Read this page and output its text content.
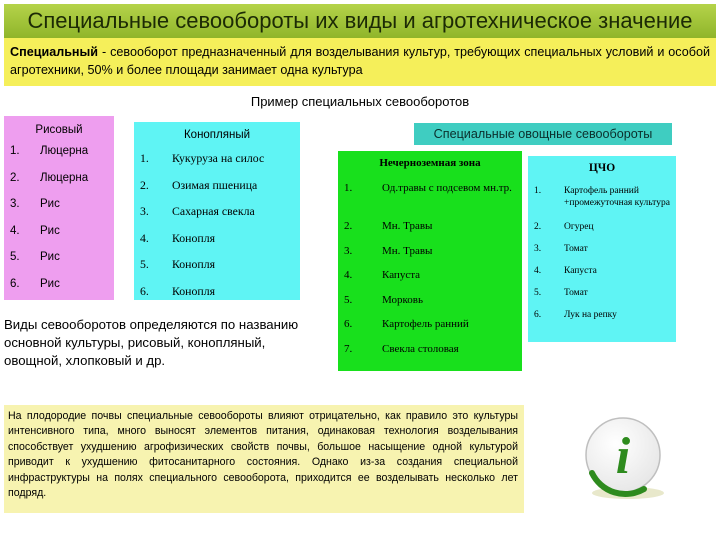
Специальные севообороты их виды и агротехническое значение
Специальный - севооборот предназначенный для возделывания культур, требующих специальных условий и особой агротехники, 50% и более площади занимает одна культура
Пример специальных севооборотов
Рисовый
1.	Люцерна
2.	Люцерна
3.	Рис
4.	Рис
5.	Рис
6.	Рис
Конопляный
1.	Кукуруза на силос
2.	Озимая пшеница
3.	Сахарная свекла
4.	Конопля
5.	Конопля
6.	Конопля
Специальные овощные севообороты
Нечерноземная зона
1.	Од.травы с подсевом мн.тр.
2.	Мн. Травы
3.	Мн. Травы
4.	Капуста
5.	Морковь
6.	Картофель ранний
7.	Свекла столовая
ЦЧО
1.	Картофель ранний +промежуточная культура
2.	Огурец
3.	Томат
4.	Капуста
5.	Томат
6.	Лук на репку
Виды севооборотов определяются по названию основной культуры, рисовый, конопляный, овощной, хлопковый и др.
На плодородие почвы специальные севообороты влияют отрицательно, как правило это культуры интенсивного типа, много выносят элементов питания, одинаковая технология возделывания способствует ухудшению агрофизических свойств почвы, большое насыщение одной культурой приводит к ухудшению фитосанитарного состояния. Однако из-за создания специальной инфраструктуры на полях специального севооборота, приходится ее возделывать несколько лет подряд.
i
